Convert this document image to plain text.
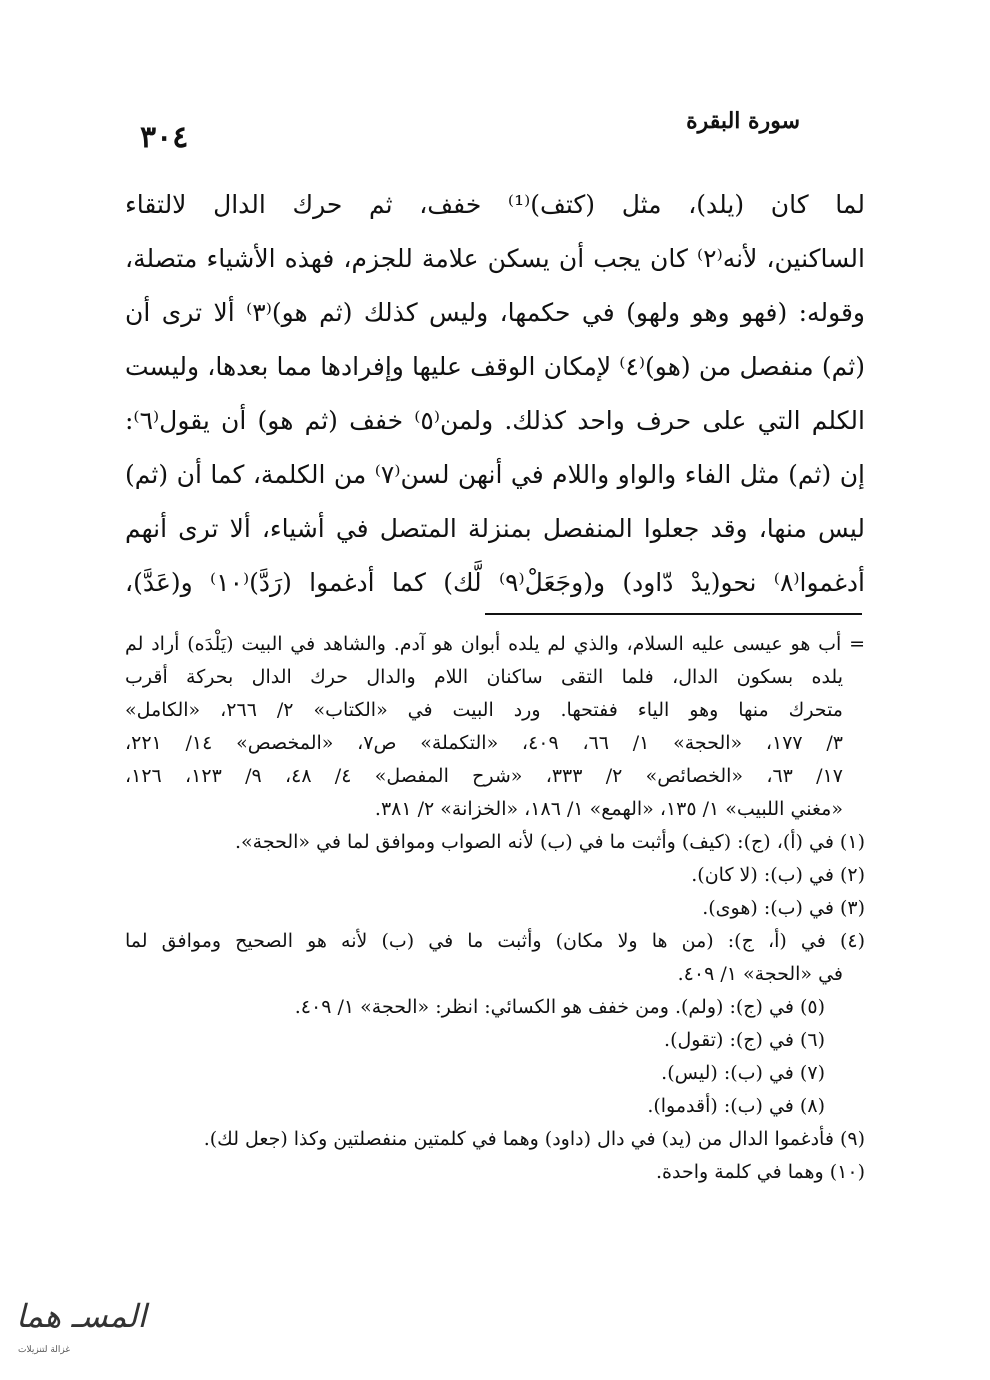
٣٠٤	سورة البقرة
لما كان (يلد)، مثل (كتف)⁽¹⁾ خفف، ثم حرك الدال لالتقاء
الساكنين، لأنه⁽٢⁾ كان يجب أن يسكن علامة للجزم، فهذه الأشياء متصلة،
وقوله: (فهو وهو ولهو) في حكمها، وليس كذلك (ثم هو)⁽٣⁾ ألا ترى أن
(ثم) منفصل من (هو)⁽٤⁾ لإمكان الوقف عليها وإفرادها مما بعدها، وليست
الكلم التي على حرف واحد كذلك. ولمن⁽٥⁾ خفف (ثم هو) أن يقول⁽٦⁾:
إن (ثم) مثل الفاء والواو واللام في أنهن لسن⁽٧⁾ من الكلمة، كما أن (ثم)
ليس منها، وقد جعلوا المنفصل بمنزلة المتصل في أشياء، ألا ترى أنهم
أدغموا⁽٨⁾ نحو(يدْ دّاود) و(وجَعَلْ⁽٩⁾ لَّك) كما أدغموا (رَدَّ)⁽١٠⁾ و(عَدَّ)،
= أب هو عيسى عليه السلام، والذي لم يلده أبوان هو آدم. والشاهد في البيت (يَلْدَه) أراد لم
يلده بسكون الدال، فلما التقى ساكنان اللام والدال حرك الدال بحركة أقرب
متحرك منها وهو الياء ففتحها. ورد البيت في «الكتاب» ٢/ ٢٦٦، «الكامل»
٣/ ١٧٧، «الحجة» ١/ ٦٦، ٤٠٩، «التكملة» ص٧، «المخصص» ١٤/ ٢٢١،
١٧/ ٦٣، «الخصائص» ٢/ ٣٣٣، «شرح المفصل» ٤/ ٤٨، ٩/ ١٢٣، ١٢٦،
«مغني اللبيب» ١/ ١٣٥، «الهمع» ١/ ١٨٦، «الخزانة» ٢/ ٣٨١.
(١) في (أ)، (ج): (كيف) وأثبت ما في (ب) لأنه الصواب وموافق لما في «الحجة».
(٢) في (ب): (لا كان).
(٣) في (ب): (هوى).
(٤) في (أ، ج): (من ها ولا مكان) وأثبت ما في (ب) لأنه هو الصحيح وموافق لما
في «الحجة» ١/ ٤٠٩.
(٥) في (ج): (ولم). ومن خفف هو الكسائي: انظر: «الحجة» ١/ ٤٠٩.
(٦) في (ج): (تقول).
(٧) في (ب): (ليس).
(٨) في (ب): (أقدموا).
(٩) فأدغموا الدال من (يد) في دال (داود) وهما في كلمتين منفصلتين وكذا (جعل لك).
(١٠) وهما في كلمة واحدة.
المسـ هما
غزالة لتنزيلات
